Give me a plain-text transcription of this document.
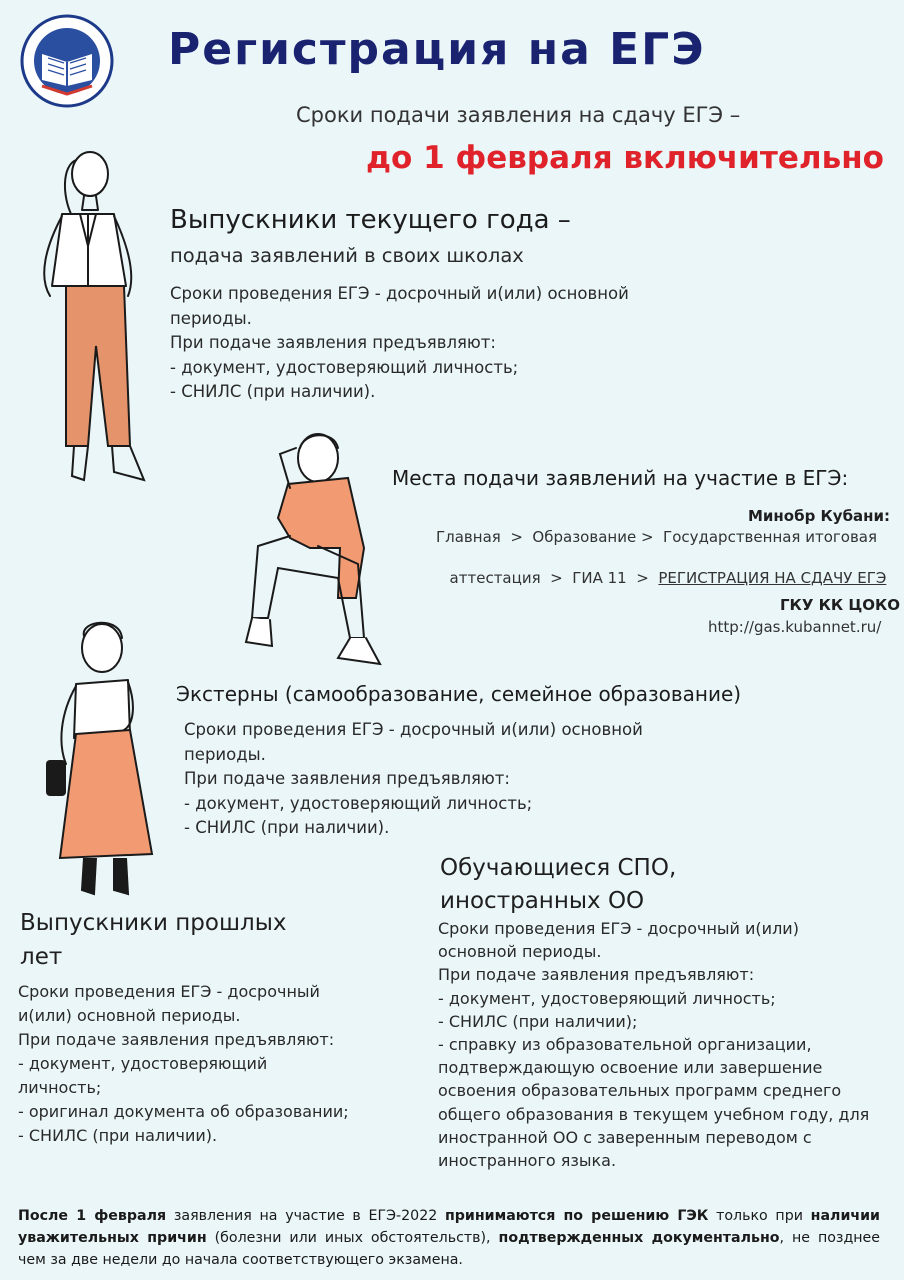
Регистрация на ЕГЭ
Сроки подачи заявления на сдачу ЕГЭ –
до 1 февраля включительно
Выпускники текущего года –
подача заявлений в своих школах
Сроки проведения ЕГЭ - досрочный и(или) основной
периоды.
При подаче заявления предъявляют:
- документ, удостоверяющий личность;
- СНИЛС (при наличии).
Места подачи заявлений на участие в ЕГЭ:
Минобр Кубани:
Главная  >  Образование >  Государственная итоговая

аттестация  >  ГИА 11  >  РЕГИСТРАЦИЯ НА СДАЧУ ЕГЭ

ГКУ КК ЦОКО
http://gas.kubannet.ru/
Экстерны (самообразование, семейное образование)
Сроки проведения ЕГЭ - досрочный и(или) основной
периоды.
При подаче заявления предъявляют:
- документ, удостоверяющий личность;
- СНИЛС (при наличии).
Обучающиеся СПО,
иностранных ОО
Сроки проведения ЕГЭ - досрочный и(или)
основной периоды.
При подаче заявления предъявляют:
- документ, удостоверяющий личность;
- СНИЛС (при наличии);
- справку из образовательной организации,
подтверждающую освоение или завершение
освоения образовательных программ среднего
общего образования в текущем учебном году, для
иностранной ОО с заверенным переводом с
иностранного языка.
Выпускники прошлых
лет
Сроки проведения ЕГЭ - досрочный
и(или) основной периоды.
При подаче заявления предъявляют:
- документ, удостоверяющий
личность;
- оригинал документа об образовании;
- СНИЛС (при наличии).
После 1 февраля заявления на участие в ЕГЭ-2022 принимаются по решению ГЭК только при наличии уважительных причин (болезни или иных обстоятельств), подтвержденных документально, не позднее чем за две недели до начала соответствующего экзамена.
